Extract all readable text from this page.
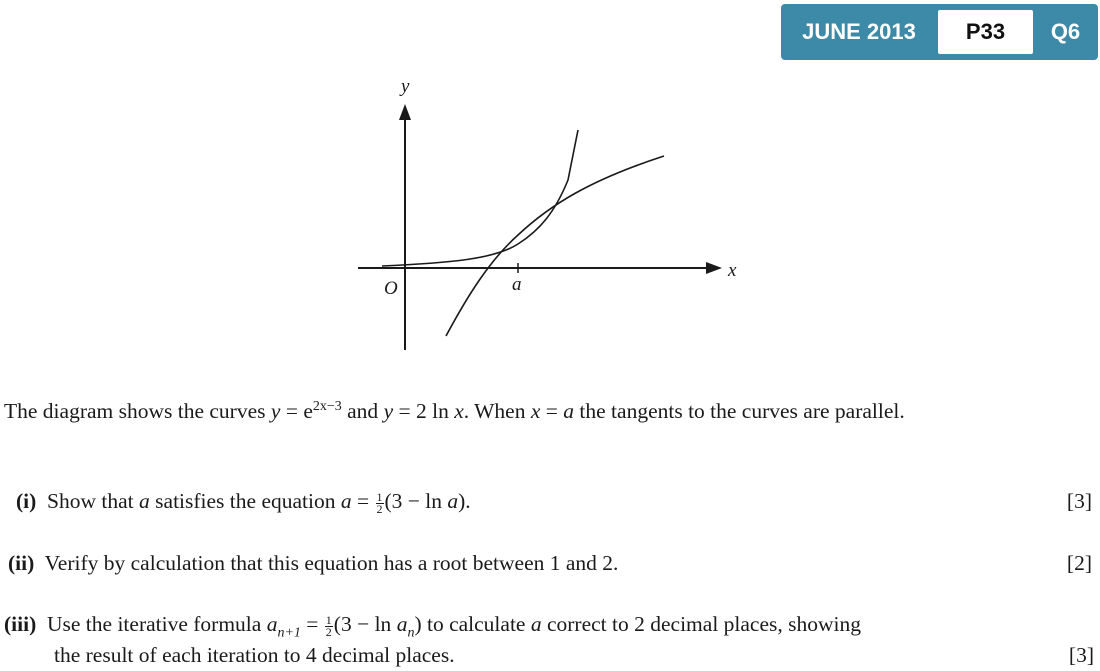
JUNE 2013	P33	Q6
y
x
O	a
The diagram shows the curves $y = e^{2x-3}$ and y = 2 ln x. When x = a the tangents to the curves are parallel.
(i) Show that a satisfies the equation $a = \frac{1}{2} (3 - \ln a)$.	[3]
(ii) Verify by calculation that this equation has a root between 1 and 2.	[2]
(iii) Use the iterative formula $a_{n+1} = \frac{1}{2} (3 - \ln a_n)$ to calculate a correct to 2 decimal places, showing
the result of each iteration to 4 decimal places.	[3]
